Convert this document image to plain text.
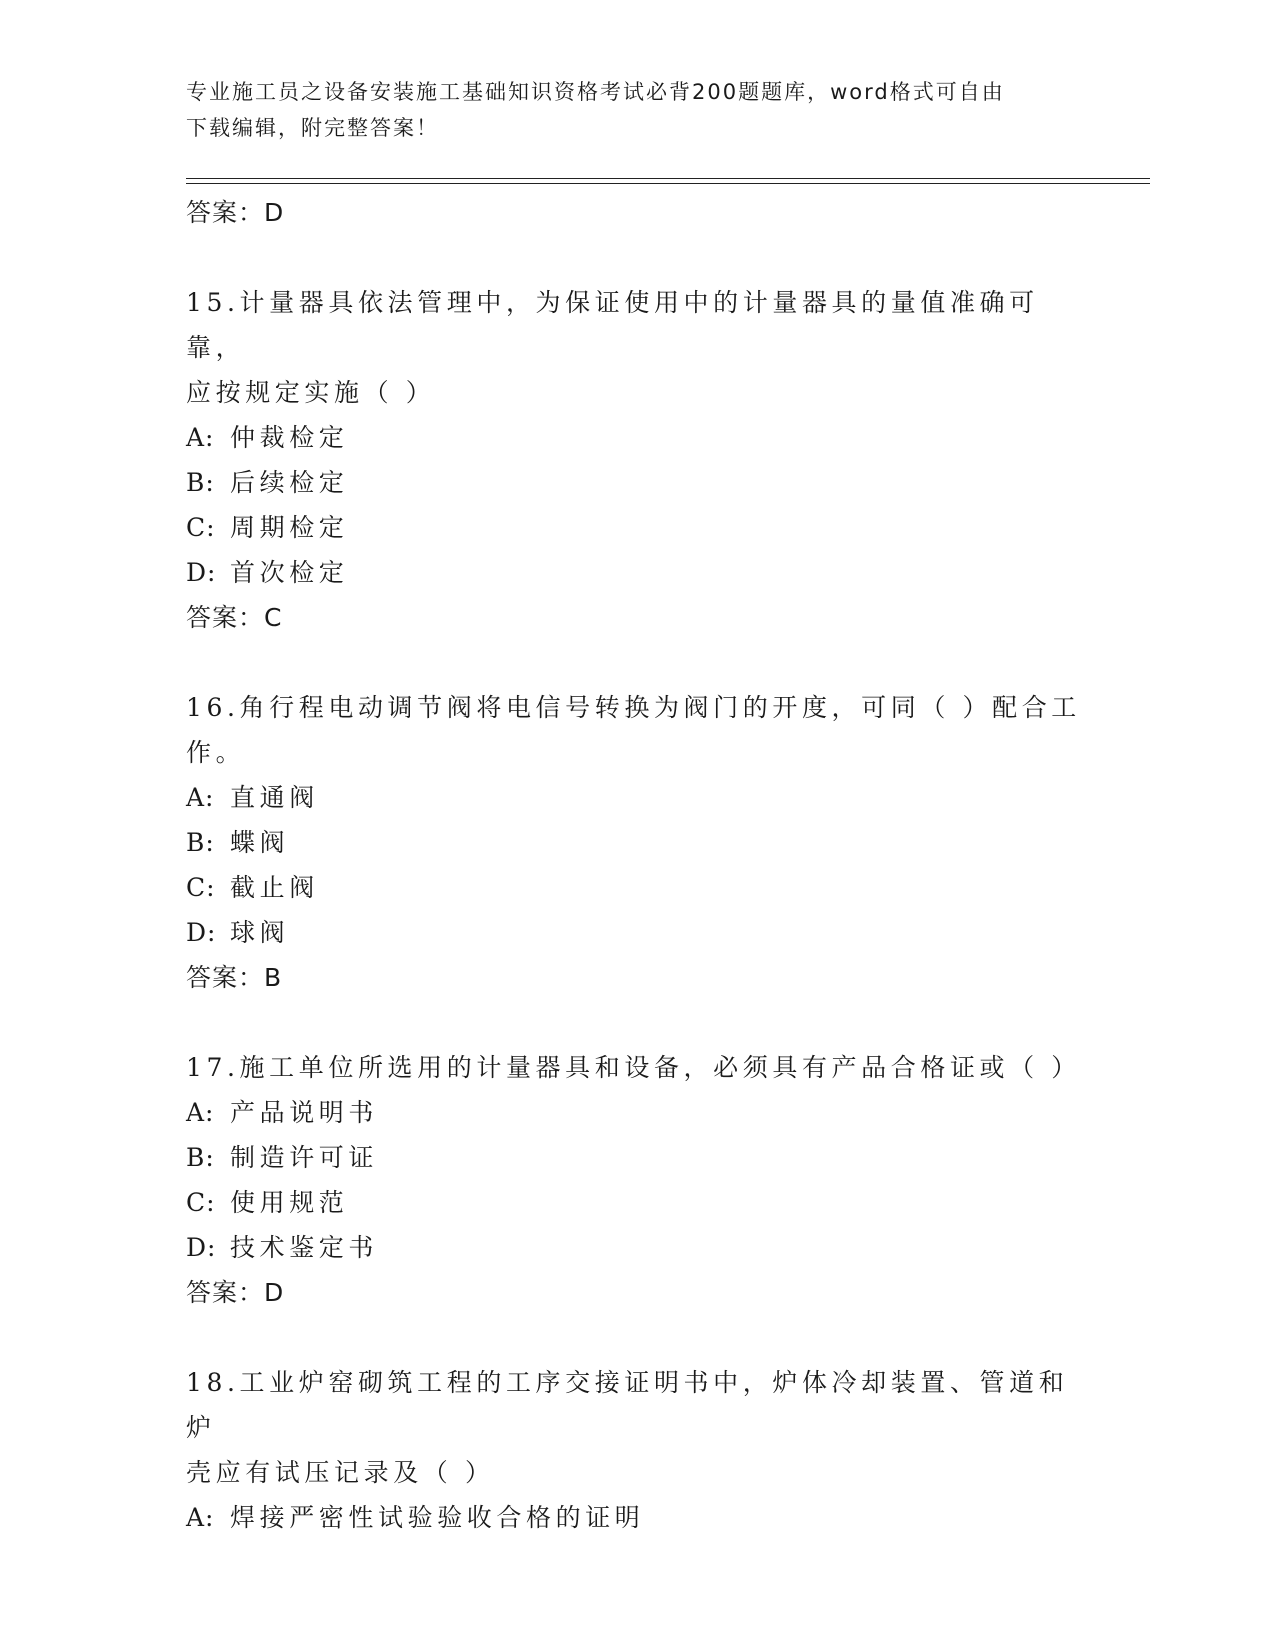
专业施工员之设备安装施工基础知识资格考试必背200题题库，word格式可自由
下载编辑，附完整答案！
答案：D
15.计量器具依法管理中，为保证使用中的计量器具的量值准确可靠，
应按规定实施（ ）
A: 仲裁检定
B: 后续检定
C: 周期检定
D: 首次检定
答案：C
16.角行程电动调节阀将电信号转换为阀门的开度，可同（ ）配合工
作。
A: 直通阀
B: 蝶阀
C: 截止阀
D: 球阀
答案：B
17.施工单位所选用的计量器具和设备，必须具有产品合格证或（ ）
A: 产品说明书
B: 制造许可证
C: 使用规范
D: 技术鉴定书
答案：D
18.工业炉窑砌筑工程的工序交接证明书中，炉体冷却装置、管道和炉
壳应有试压记录及（ ）
A: 焊接严密性试验验收合格的证明
